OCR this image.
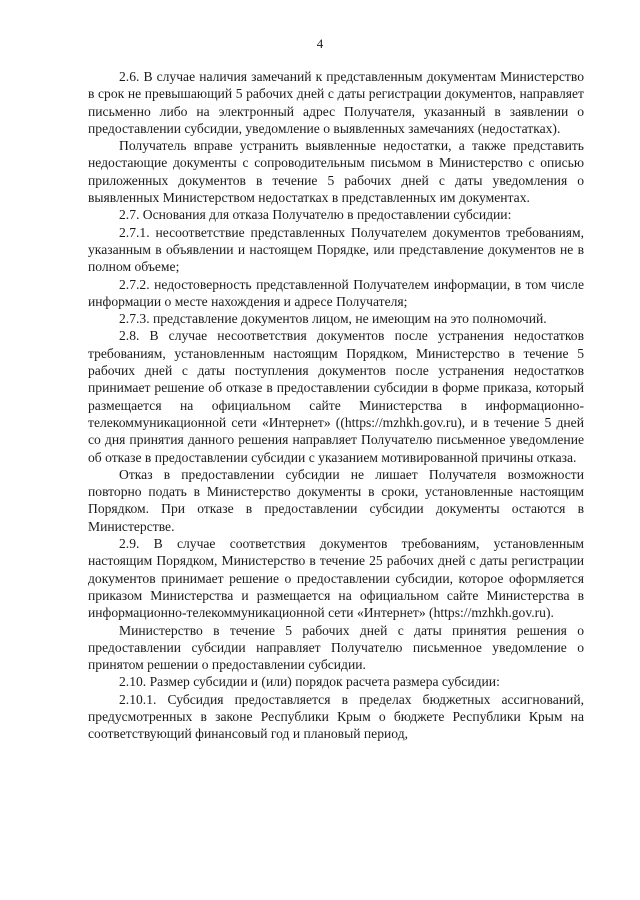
4

2.6. В случае наличия замечаний к представленным документам Министерство в срок не превышающий 5 рабочих дней с даты регистрации документов, направляет письменно либо на электронный адрес Получателя, указанный в заявлении о предоставлении субсидии, уведомление о выявленных замечаниях (недостатках).

Получатель вправе устранить выявленные недостатки, а также представить недостающие документы с сопроводительным письмом в Министерство с описью приложенных документов в течение 5 рабочих дней с даты уведомления о выявленных Министерством недостатках в представленных им документах.

2.7. Основания для отказа Получателю в предоставлении субсидии:

2.7.1. несоответствие представленных Получателем документов требованиям, указанным в объявлении и настоящем Порядке, или представление документов не в полном объеме;

2.7.2. недостоверность представленной Получателем информации, в том числе информации о месте нахождения и адресе Получателя;

2.7.3. представление документов лицом, не имеющим на это полномочий.

2.8. В случае несоответствия документов после устранения недостатков требованиям, установленным настоящим Порядком, Министерство в течение 5 рабочих дней с даты поступления документов после устранения недостатков принимает решение об отказе в предоставлении субсидии в форме приказа, который размещается на официальном сайте Министерства в информационно-телекоммуникационной сети «Интернет» ((https://mzhkh.gov.ru), и в течение 5 дней со дня принятия данного решения направляет Получателю письменное уведомление об отказе в предоставлении субсидии с указанием мотивированной причины отказа.

Отказ в предоставлении субсидии не лишает Получателя возможности повторно подать в Министерство документы в сроки, установленные настоящим Порядком. При отказе в предоставлении субсидии документы остаются в Министерстве.

2.9. В случае соответствия документов требованиям, установленным настоящим Порядком, Министерство в течение 25 рабочих дней с даты регистрации документов принимает решение о предоставлении субсидии, которое оформляется приказом Министерства и размещается на официальном сайте Министерства в информационно-телекоммуникационной сети «Интернет» (https://mzhkh.gov.ru).

Министерство в течение 5 рабочих дней с даты принятия решения о предоставлении субсидии направляет Получателю письменное уведомление о принятом решении о предоставлении субсидии.

2.10. Размер субсидии и (или) порядок расчета размера субсидии:

2.10.1. Субсидия предоставляется в пределах бюджетных ассигнований, предусмотренных в законе Республики Крым о бюджете Республики Крым на соответствующий финансовый год и плановый период,
